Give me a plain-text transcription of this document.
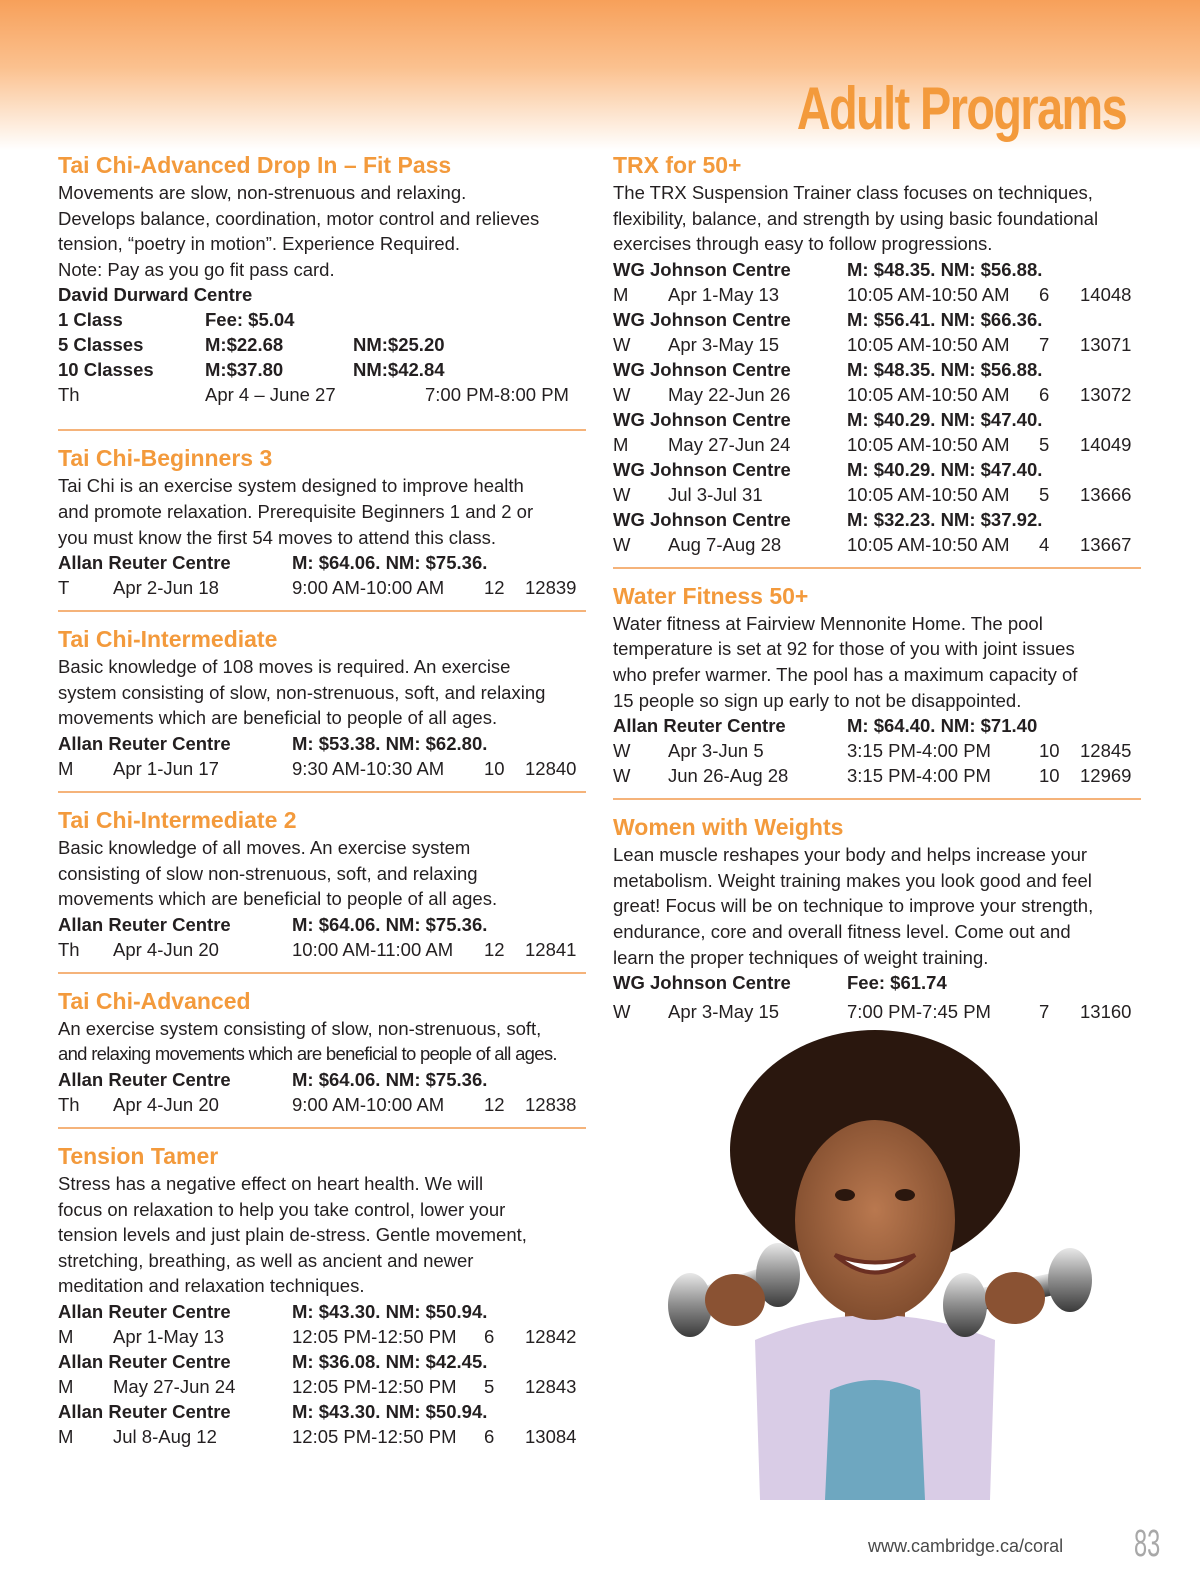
Adult Programs
Tai Chi-Advanced Drop In – Fit Pass

Movements are slow, non-strenuous and relaxing.

Develops balance, coordination, motor control and relieves

tension, “poetry in motion”. Experience Required.

Note: Pay as you go fit pass card.

David Durward Centre
1 Class	Fee: $5.04
5 Classes	M:$22.68	NM:$25.20
10 Classes	M:$37.80	NM:$42.84
Th	Apr 4 – June 27	7:00 PM-8:00 PM
Tai Chi-Beginners 3

Tai Chi is an exercise system designed to improve health

and promote relaxation. Prerequisite Beginners 1 and 2 or

you must know the first 54 moves to attend this class.

Allan Reuter Centre	M: $64.06. NM: $75.36.
T Apr 2-Jun 18	9:00 AM-10:00 AM 12 12839
Tai Chi-Intermediate

Basic knowledge of 108 moves is required. An exercise

system consisting of slow, non-strenuous, soft, and relaxing

movements which are beneficial to people of all ages.

Allan Reuter Centre	M: $53.38. NM: $62.80.
M Apr 1-Jun 17	9:30 AM-10:30 AM 10 12840
Tai Chi-Intermediate 2

Basic knowledge of all moves. An exercise system

consisting of slow non-strenuous, soft, and relaxing

movements which are beneficial to people of all ages.

Allan Reuter Centre	M: $64.06. NM: $75.36.
Th Apr 4-Jun 20	10:00 AM-11:00 AM 12 12841
Tai Chi-Advanced

An exercise system consisting of slow, non-strenuous, soft,

and relaxing movements which are beneficial to people of all ages.

Allan Reuter Centre	M: $64.06. NM: $75.36.
Th Apr 4-Jun 20	9:00 AM-10:00 AM 12 12838
Tension Tamer

Stress has a negative effect on heart health. We will

focus on relaxation to help you take control, lower your

tension levels and just plain de-stress. Gentle movement,

stretching, breathing, as well as ancient and newer

meditation and relaxation techniques.

Allan Reuter Centre	M: $43.30. NM: $50.94.
M Apr 1-May 13	12:05 PM-12:50 PM 6 12842
Allan Reuter Centre	M: $36.08. NM: $42.45.
M May 27-Jun 24	12:05 PM-12:50 PM 5 12843
Allan Reuter Centre	M: $43.30. NM: $50.94.
M Jul 8-Aug 12	12:05 PM-12:50 PM 6 13084
TRX for 50+

The TRX Suspension Trainer class focuses on techniques,

flexibility, balance, and strength by using basic foundational

exercises through easy to follow progressions.

WG Johnson Centre	M: $48.35. NM: $56.88.
M Apr 1-May 13	10:05 AM-10:50 AM 6 14048
WG Johnson Centre	M: $56.41. NM: $66.36.
W Apr 3-May 15	10:05 AM-10:50 AM 7 13071
WG Johnson Centre	M: $48.35. NM: $56.88.
W May 22-Jun 26	10:05 AM-10:50 AM 6 13072
WG Johnson Centre	M: $40.29. NM: $47.40.
M May 27-Jun 24	10:05 AM-10:50 AM 5 14049
WG Johnson Centre	M: $40.29. NM: $47.40.
W Jul 3-Jul 31	10:05 AM-10:50 AM 5 13666
WG Johnson Centre	M: $32.23. NM: $37.92.
W Aug 7-Aug 28	10:05 AM-10:50 AM 4 13667
Water Fitness 50+

Water fitness at Fairview Mennonite Home. The pool

temperature is set at 92 for those of you with joint issues

who prefer warmer. The pool has a maximum capacity of

15 people so sign up early to not be disappointed.

Allan Reuter Centre	M: $64.40. NM: $71.40
W Apr 3-Jun 5	3:15 PM-4:00 PM	10 12845
W Jun 26-Aug 28	3:15 PM-4:00 PM	10 12969
Women with Weights

Lean muscle reshapes your body and helps increase your

metabolism. Weight training makes you look good and feel

great! Focus will be on technique to improve your strength,

endurance, core and overall fitness level. Come out and

learn the proper techniques of weight training.

WG Johnson Centre	Fee: $61.74
W Apr 3-May 15	7:00 PM-7:45 PM	7 13160
www.cambridge.ca/coral 83
